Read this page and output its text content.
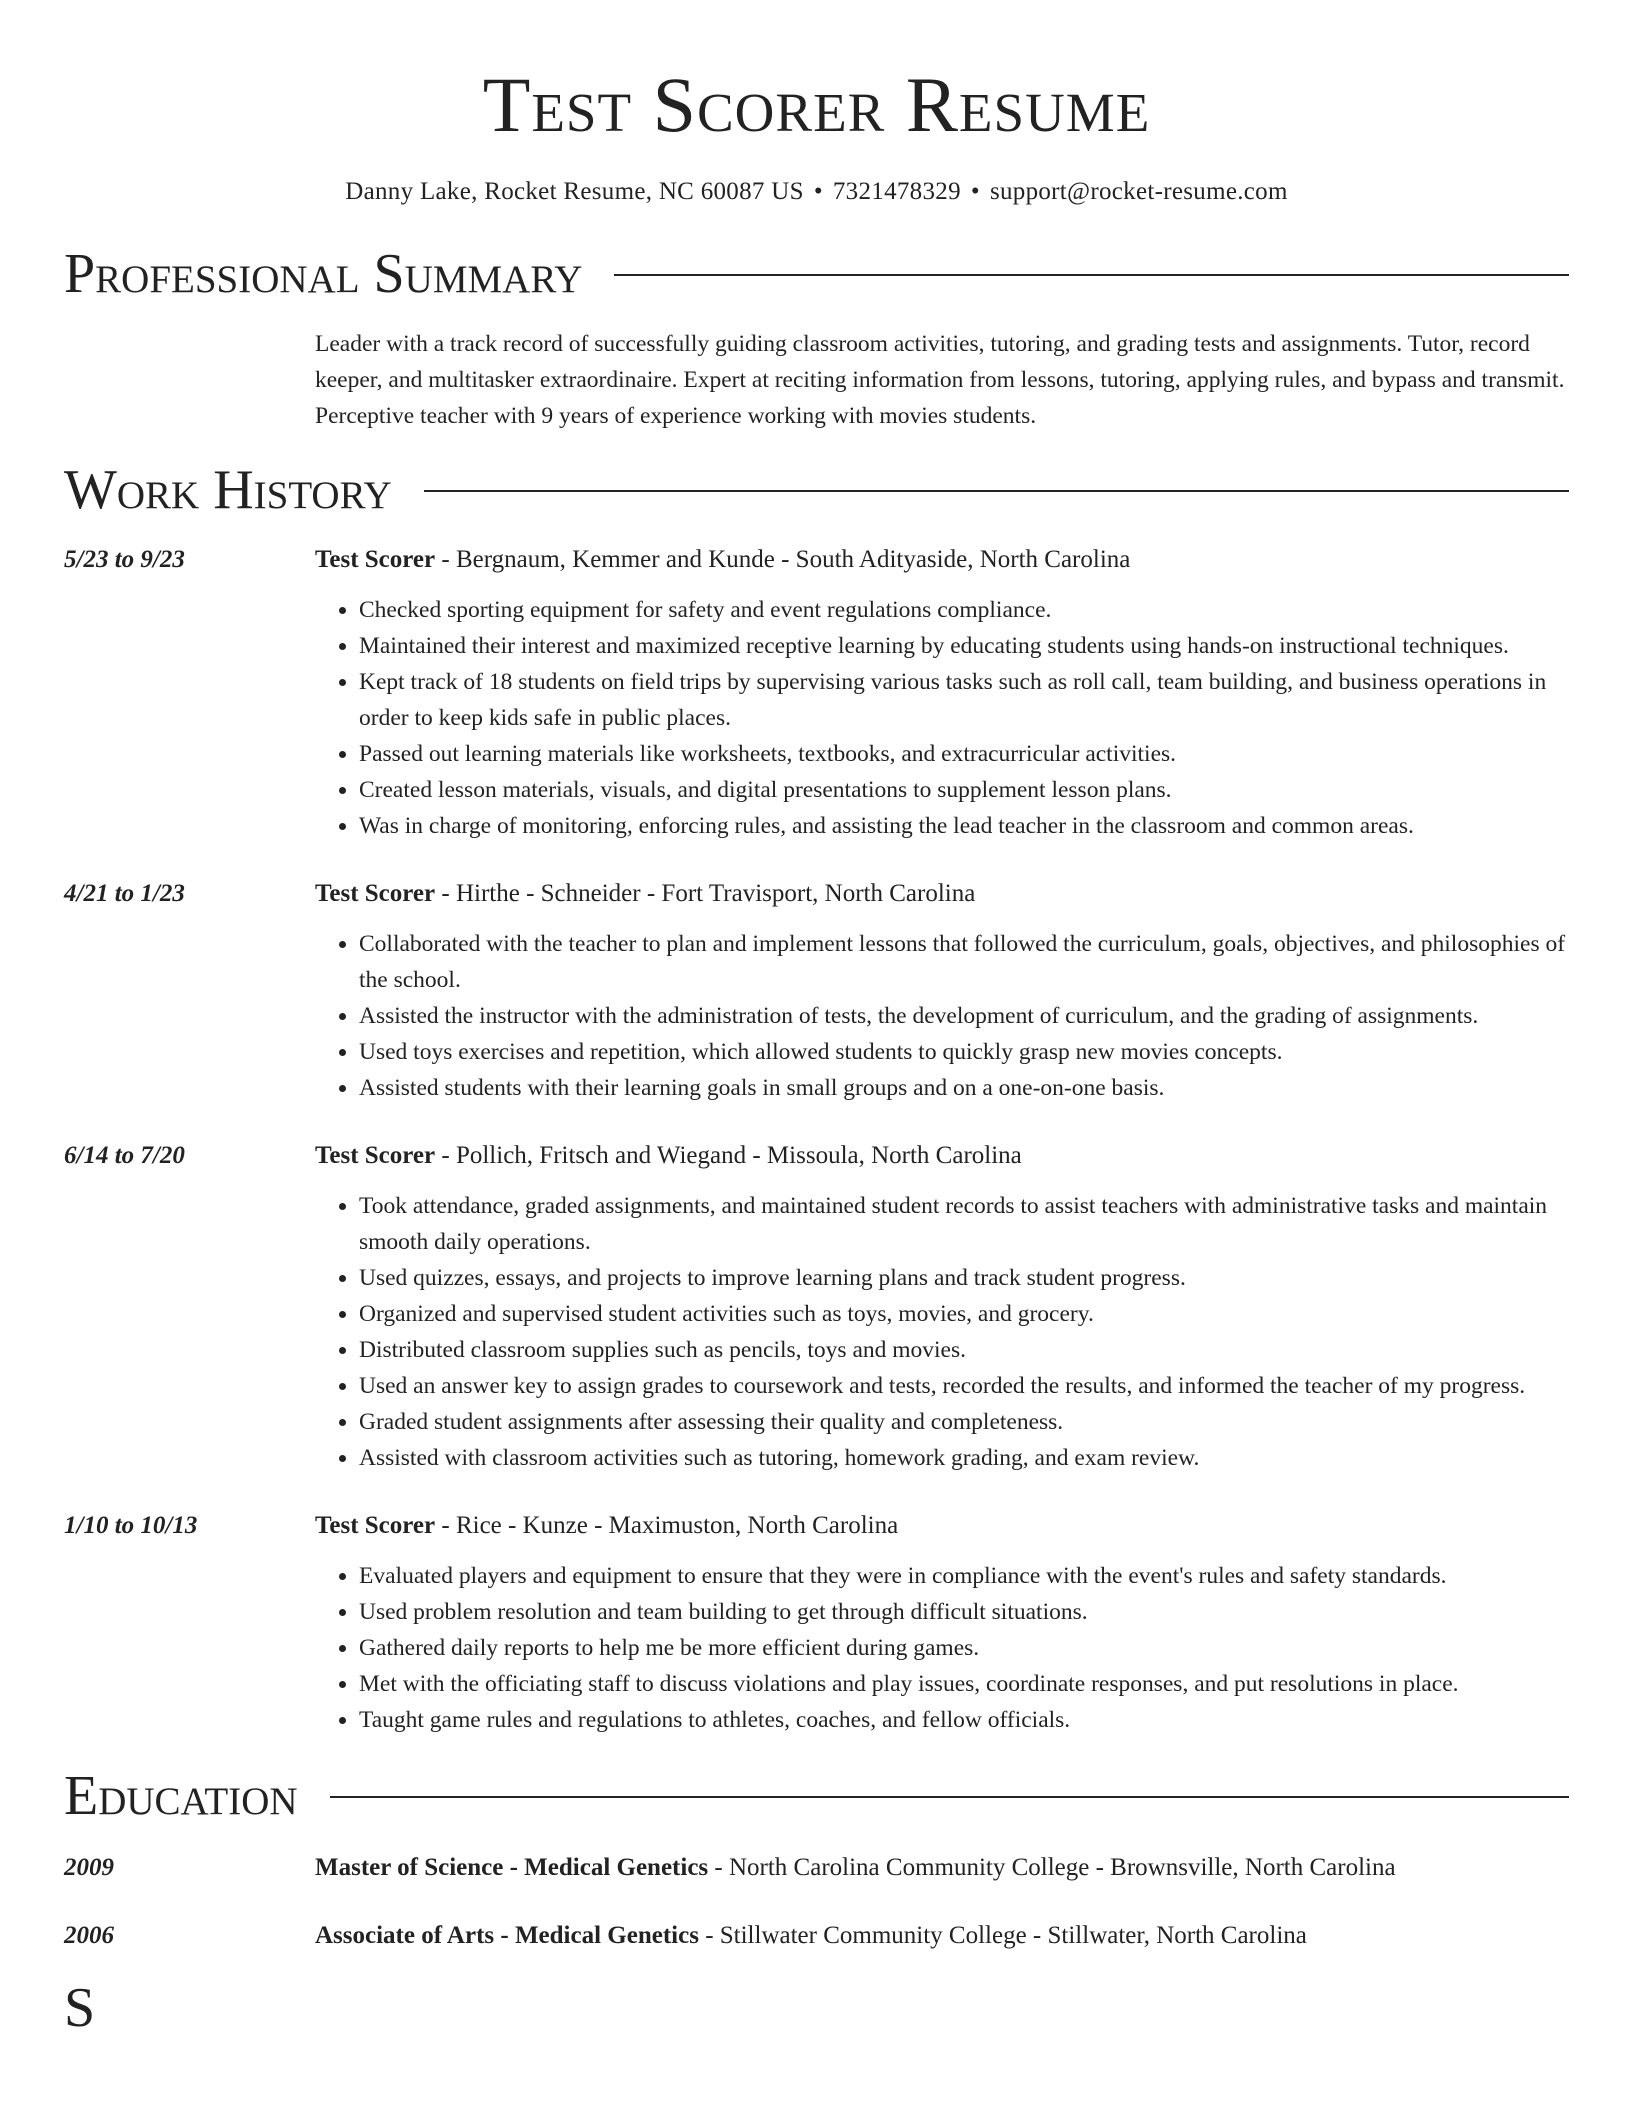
Test Scorer Resume
Danny Lake, Rocket Resume, NC 60087 US • 7321478329 • support@rocket-resume.com
Professional Summary
Leader with a track record of successfully guiding classroom activities, tutoring, and grading tests and assignments. Tutor, record keeper, and multitasker extraordinaire. Expert at reciting information from lessons, tutoring, applying rules, and bypass and transmit. Perceptive teacher with 9 years of experience working with movies students.
Work History
5/23 to 9/23	Test Scorer - Bergnaum, Kemmer and Kunde - South Adityaside, North Carolina
• Checked sporting equipment for safety and event regulations compliance.
• Maintained their interest and maximized receptive learning by educating students using hands-on instructional techniques.
• Kept track of 18 students on field trips by supervising various tasks such as roll call, team building, and business operations in order to keep kids safe in public places.
• Passed out learning materials like worksheets, textbooks, and extracurricular activities.
• Created lesson materials, visuals, and digital presentations to supplement lesson plans.
• Was in charge of monitoring, enforcing rules, and assisting the lead teacher in the classroom and common areas.
4/21 to 1/23	Test Scorer - Hirthe - Schneider - Fort Travisport, North Carolina
• Collaborated with the teacher to plan and implement lessons that followed the curriculum, goals, objectives, and philosophies of the school.
• Assisted the instructor with the administration of tests, the development of curriculum, and the grading of assignments.
• Used toys exercises and repetition, which allowed students to quickly grasp new movies concepts.
• Assisted students with their learning goals in small groups and on a one-on-one basis.
6/14 to 7/20	Test Scorer - Pollich, Fritsch and Wiegand - Missoula, North Carolina
• Took attendance, graded assignments, and maintained student records to assist teachers with administrative tasks and maintain smooth daily operations.
• Used quizzes, essays, and projects to improve learning plans and track student progress.
• Organized and supervised student activities such as toys, movies, and grocery.
• Distributed classroom supplies such as pencils, toys and movies.
• Used an answer key to assign grades to coursework and tests, recorded the results, and informed the teacher of my progress.
• Graded student assignments after assessing their quality and completeness.
• Assisted with classroom activities such as tutoring, homework grading, and exam review.
1/10 to 10/13	Test Scorer - Rice - Kunze - Maximuston, North Carolina
• Evaluated players and equipment to ensure that they were in compliance with the event's rules and safety standards.
• Used problem resolution and team building to get through difficult situations.
• Gathered daily reports to help me be more efficient during games.
• Met with the officiating staff to discuss violations and play issues, coordinate responses, and put resolutions in place.
• Taught game rules and regulations to athletes, coaches, and fellow officials.
Education
2009	Master of Science - Medical Genetics - North Carolina Community College - Brownsville, North Carolina
2006	Associate of Arts - Medical Genetics - Stillwater Community College - Stillwater, North Carolina
S
